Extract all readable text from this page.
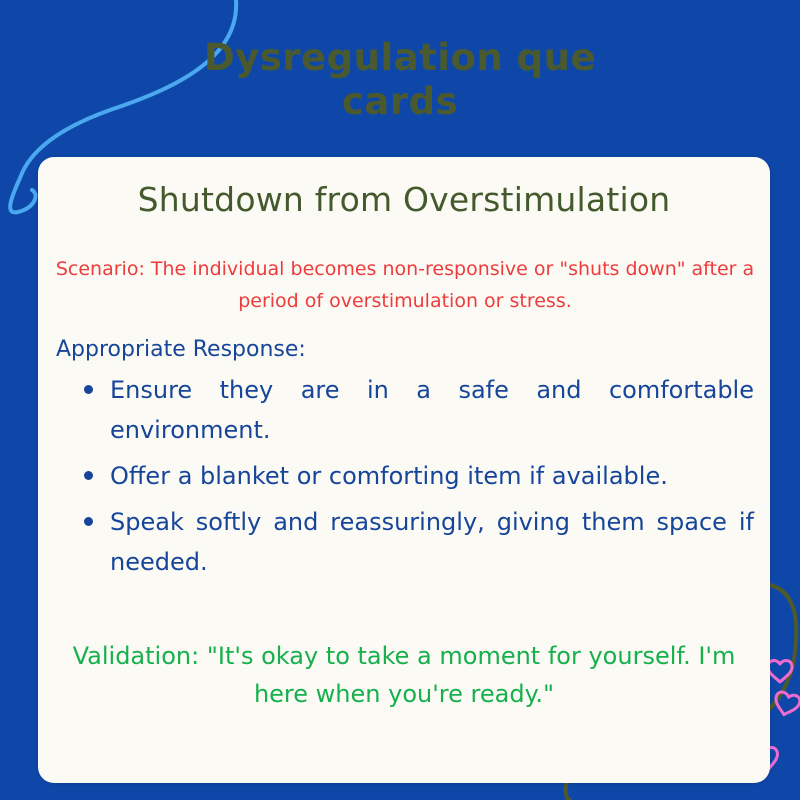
Dysregulation que
cards
Shutdown from Overstimulation
Scenario: The individual becomes non-responsive or "shuts down" after a period of overstimulation or stress.
Appropriate Response:
Ensure they are in a safe and comfortable environment.
Offer a blanket or comforting item if available.
Speak softly and reassuringly, giving them space if needed.
Validation: "It's okay to take a moment for yourself. I'm here when you're ready."
